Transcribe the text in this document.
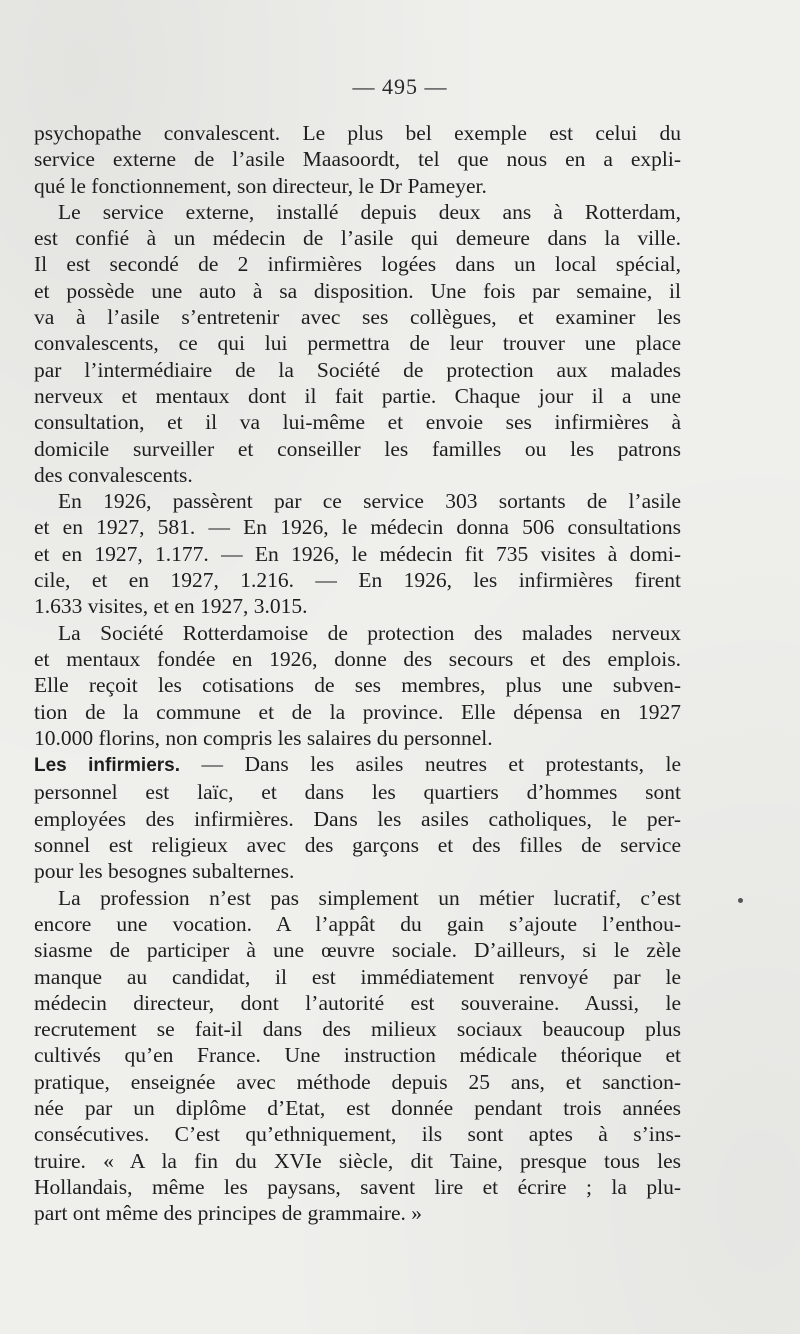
— 495 —
psychopathe convalescent. Le plus bel exemple est celui du
service externe de l’asile Maasoordt, tel que nous en a expli-
qué le fonctionnement, son directeur, le Dr Pameyer.
Le service externe, installé depuis deux ans à Rotterdam,
est confié à un médecin de l’asile qui demeure dans la ville.
Il est secondé de 2 infirmières logées dans un local spécial,
et possède une auto à sa disposition. Une fois par semaine, il
va à l’asile s’entretenir avec ses collègues, et examiner les
convalescents, ce qui lui permettra de leur trouver une place
par l’intermédiaire de la Société de protection aux malades
nerveux et mentaux dont il fait partie. Chaque jour il a une
consultation, et il va lui-même et envoie ses infirmières à
domicile surveiller et conseiller les familles ou les patrons
des convalescents.
En 1926, passèrent par ce service 303 sortants de l’asile
et en 1927, 581. — En 1926, le médecin donna 506 consultations
et en 1927, 1.177. — En 1926, le médecin fit 735 visites à domi-
cile, et en 1927, 1.216. — En 1926, les infirmières firent
1.633 visites, et en 1927, 3.015.
La Société Rotterdamoise de protection des malades nerveux
et mentaux fondée en 1926, donne des secours et des emplois.
Elle reçoit les cotisations de ses membres, plus une subven-
tion de la commune et de la province. Elle dépensa en 1927
10.000 florins, non compris les salaires du personnel.
Les infirmiers. — Dans les asiles neutres et protestants, le
personnel est laïc, et dans les quartiers d’hommes sont
employées des infirmières. Dans les asiles catholiques, le per-
sonnel est religieux avec des garçons et des filles de service
pour les besognes subalternes.
La profession n’est pas simplement un métier lucratif, c’est
encore une vocation. A l’appât du gain s’ajoute l’enthou-
siasme de participer à une œuvre sociale. D’ailleurs, si le zèle
manque au candidat, il est immédiatement renvoyé par le
médecin directeur, dont l’autorité est souveraine. Aussi, le
recrutement se fait-il dans des milieux sociaux beaucoup plus
cultivés qu’en France. Une instruction médicale théorique et
pratique, enseignée avec méthode depuis 25 ans, et sanction-
née par un diplôme d’Etat, est donnée pendant trois années
consécutives. C’est qu’ethniquement, ils sont aptes à s’ins-
truire. « A la fin du XVIe siècle, dit Taine, presque tous les
Hollandais, même les paysans, savent lire et écrire ; la plu-
part ont même des principes de grammaire. »
